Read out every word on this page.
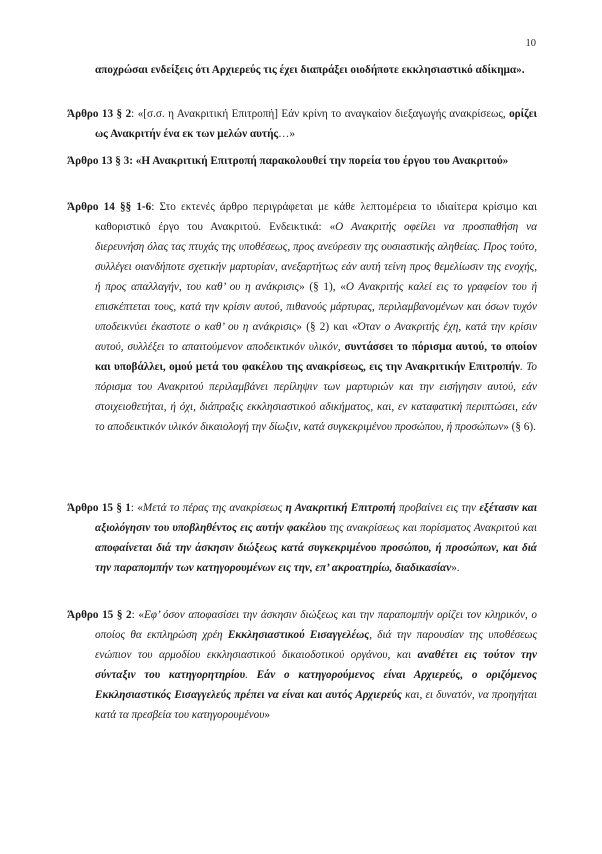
10

αποχρώσαι ενδείξεις ότι Αρχιερεύς τις έχει διαπράξει οιοδήποτε εκκλησιαστικό αδίκημα».

Άρθρο 13 § 2: «[σ.σ. η Ανακριτική Επιτροπή] Εάν κρίνη το αναγκαίον διεξαγωγής ανακρίσεως, ορίζει ως Ανακριτήν ένα εκ των μελών αυτής…»

Άρθρο 13 § 3: «Η Ανακριτική Επιτροπή παρακολουθεί την πορεία του έργου του Ανακριτού»

Άρθρο 14 §§ 1-6: Στο εκτενές άρθρο περιγράφεται με κάθε λεπτομέρεια το ιδιαίτερα κρίσιμο και καθοριστικό έργο του Ανακριτού. Ενδεικτικά: «Ο Ανακριτής οφείλει να προσπαθήση να διερευνήση όλας τας πτυχάς της υποθέσεως, προς ανεύρεσιν της ουσιαστικής αληθείας. Προς τούτο, συλλέγει οιανδήποτε σχετικήν μαρτυρίαν, ανεξαρτήτως εάν αυτή τείνη προς θεμελίωσιν της ενοχής, ή προς απαλλαγήν, του καθ’ ου η ανάκρισις» (§ 1), «Ο Ανακριτής καλεί εις το γραφείον του ή επισκέπτεται τους, κατά την κρίσιν αυτού, πιθανούς μάρτυρας, περιλαμβανομένων και όσων τυχόν υποδεικνύει έκαστοτε ο καθ’ ου η ανάκρισις» (§ 2) και «Όταν ο Ανακριτής έχη, κατά την κρίσιν αυτού, συλλέξει το απαιτούμενον αποδεικτικόν υλικόν, συντάσσει το πόρισμα αυτού, το οποίον και υποβάλλει, ομού μετά του φακέλου της ανακρίσεως, εις την Ανακριτικήν Επιτροπήν. Το πόρισμα του Ανακριτού περιλαμβάνει περίληψιν των μαρτυριών και την εισήγησιν αυτού, εάν στοιχειοθετήται, ή όχι, διάπραξις εκκλησιαστικού αδικήματος, και, εν καταφατική περιπτώσει, εάν το αποδεικτικόν υλικόν δικαιολογή την δίωξιν, κατά συγκεκριμένου προσώπου, ή προσώπων» (§ 6).

Άρθρο 15 § 1: «Μετά το πέρας της ανακρίσεως η Ανακριτική Επιτροπή προβαίνει εις την εξέτασιν και αξιολόγησιν του υποβληθέντος εις αυτήν φακέλου της ανακρίσεως και πορίσματος Ανακριτού και αποφαίνεται διά την άσκησιν διώξεως κατά συγκεκριμένου προσώπου, ή προσώπων, και διά την παραπομπήν των κατηγορουμένων εις την, επ’ ακροατηρίω, διαδικασίαν».

Άρθρο 15 § 2: «Εφ’ όσον αποφασίσει την άσκησιν διώξεως και την παραπομπήν ορίζει τον κληρικόν, ο οποίος θα εκπληρώση χρέη Εκκλησιαστικού Εισαγγελέως, διά την παρουσίαν της υποθέσεως ενώπιον του αρμοδίου εκκλησιαστικού δικαιοδοτικού οργάνου, και αναθέτει εις τούτον την σύνταξιν του κατηγορητηρίου. Εάν ο κατηγορούμενος είναι Αρχιερεύς, ο οριζόμενος Εκκλησιαστικός Εισαγγελεύς πρέπει να είναι και αυτός Αρχιερεύς και, ει δυνατόν, να προηγήται κατά τα πρεσβεία του κατηγορουμένου»
